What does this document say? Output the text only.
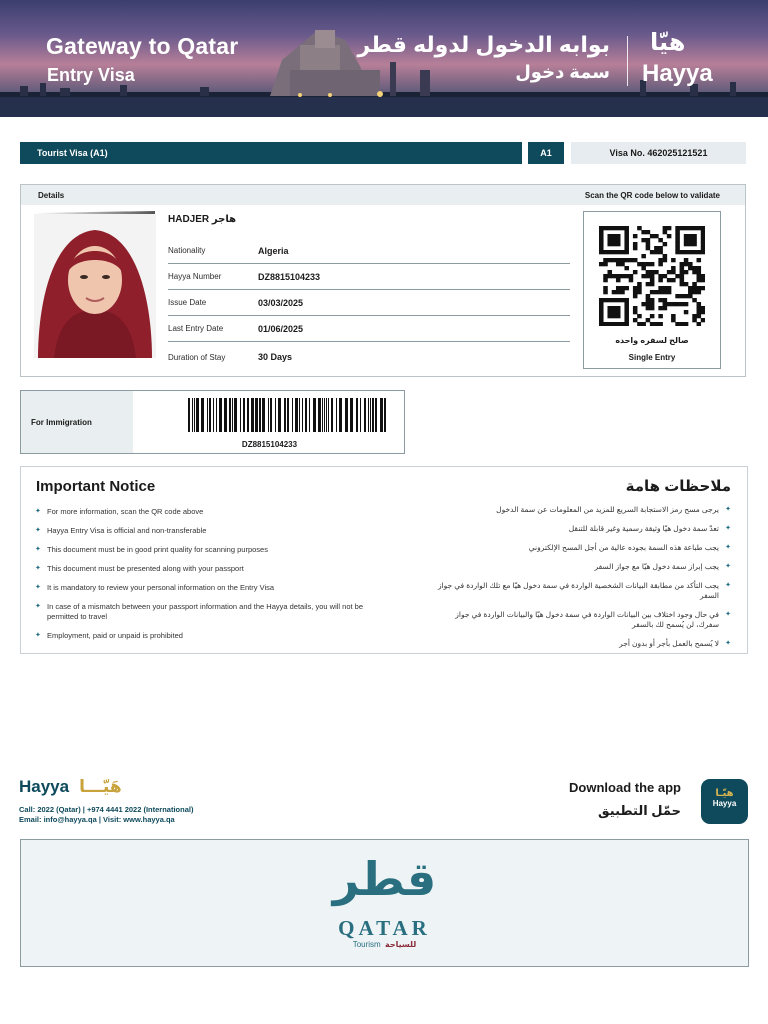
Gateway to Qatar
Entry Visa
بوابه الدخول لدوله قطر
سمة دخول
هيّا
Hayya
Tourist Visa (A1)	A1	Visa No. 462025121521
Details	Scan the QR code below to validate
HADJER هاجر
Nationality	Algeria
Hayya Number	DZ8815104233
Issue Date	03/03/2025
Last Entry Date	01/06/2025
Duration of Stay	30 Days
صالح لسفره واحده
Single Entry
For Immigration
DZ8815104233
Important Notice	ملاحظات هامة
✦ For more information, scan the QR code above
✦ Hayya Entry Visa is official and non-transferable
✦ This document must be in good print quality for scanning purposes
✦ This document must be presented along with your passport
✦ It is mandatory to review your personal information on the Entry Visa
✦ In case of a mismatch between your passport information and the Hayya details, you will not be permitted to travel
✦ Employment, paid or unpaid is prohibited
✦ يرجى مسح رمز الاستجابة السريع للمزيد من المعلومات عن سمة الدخول
✦ تعدّ سمة دخول هيّا وثيقة رسمية وغير قابلة للتنقل
✦ يجب طباعة هذه السمة بجوده عالية من أجل المسح الإلكتروني
✦ يجب إبراز سمة دخول هيّا مع جواز السفر
✦ يجب التأكد من مطابقة البيانات الشخصية الواردة في سمة دخول هيّا مع تلك الواردة في جواز السفر
✦ في حال وجود اختلاف بين البيانات الواردة في سمة دخول هيّا والبيانات الواردة في جواز سفرك، لن يُسمح لك بالسفر
✦ لا يُسمح بالعمل بأجر أو بدون أجر
Hayya هَيّـــا
Call: 2022 (Qatar) | +974 4441 2022 (International)
Email: info@hayya.qa | Visit: www.hayya.qa
Download the app
حمّل التطبيق
هيّـا
Hayya
قطر
QATAR
Tourism للسياحة
